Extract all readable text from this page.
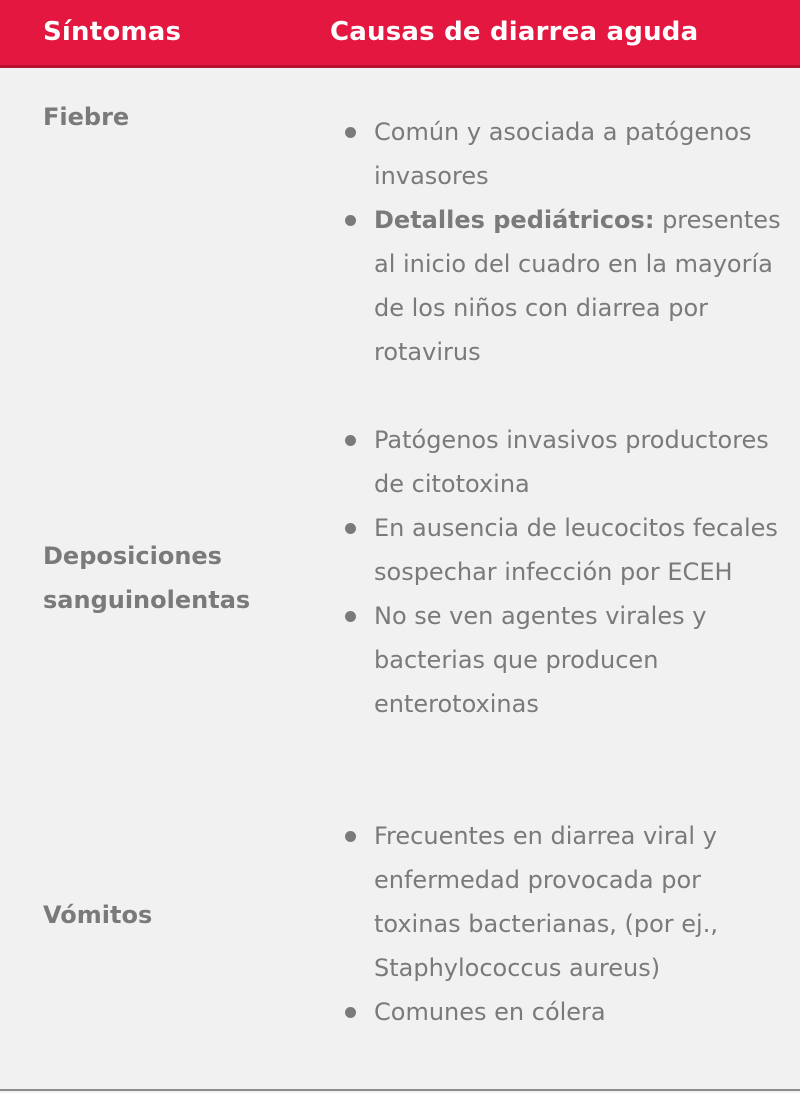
Síntomas	Causas de diarrea aguda
Fiebre
Común y asociada a patógenos invasores
Detalles pediátricos: presentes al inicio del cuadro en la mayoría de los niños con diarrea por rotavirus
Deposiciones sanguinolentas
Patógenos invasivos productores de citotoxina
En ausencia de leucocitos fecales sospechar infección por ECEH
No se ven agentes virales y bacterias que producen enterotoxinas
Vómitos
Frecuentes en diarrea viral y enfermedad provocada por toxinas bacterianas, (por ej., Staphylococcus aureus)
Comunes en cólera
